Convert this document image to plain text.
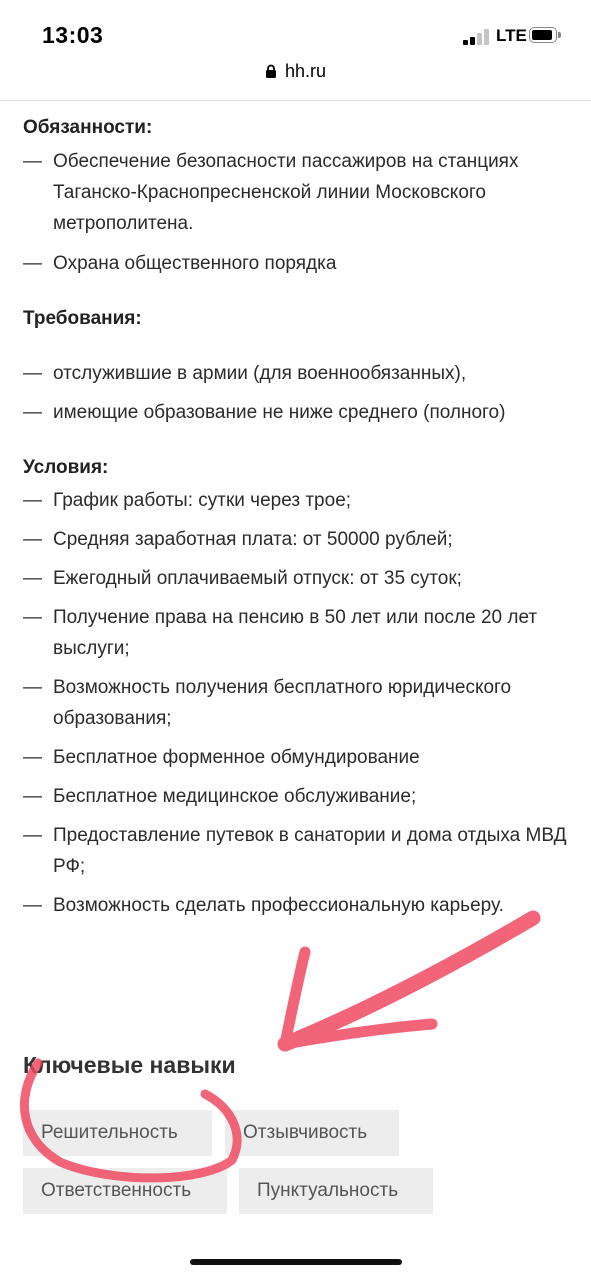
13:03	LTE
hh.ru
Обязанности:
— Обеспечение безопасности пассажиров на станциях Таганско-Краснопресненской линии Московского метрополитена.
— Охрана общественного порядка
Требования:
— отслужившие в армии (для военнообязанных),
— имеющие образование не ниже среднего (полного)
Условия:
— График работы: сутки через трое;
— Средняя заработная плата: от 50000 рублей;
— Ежегодный оплачиваемый отпуск: от 35 суток;
— Получение права на пенсию в 50 лет или после 20 лет выслуги;
— Возможность получения бесплатного юридического образования;
— Бесплатное форменное обмундирование
— Бесплатное медицинское обслуживание;
— Предоставление путевок в санатории и дома отдыха МВД РФ;
— Возможность сделать профессиональную карьеру.
Ключевые навыки
Решительность	Отзывчивость
Ответственность	Пунктуальность
